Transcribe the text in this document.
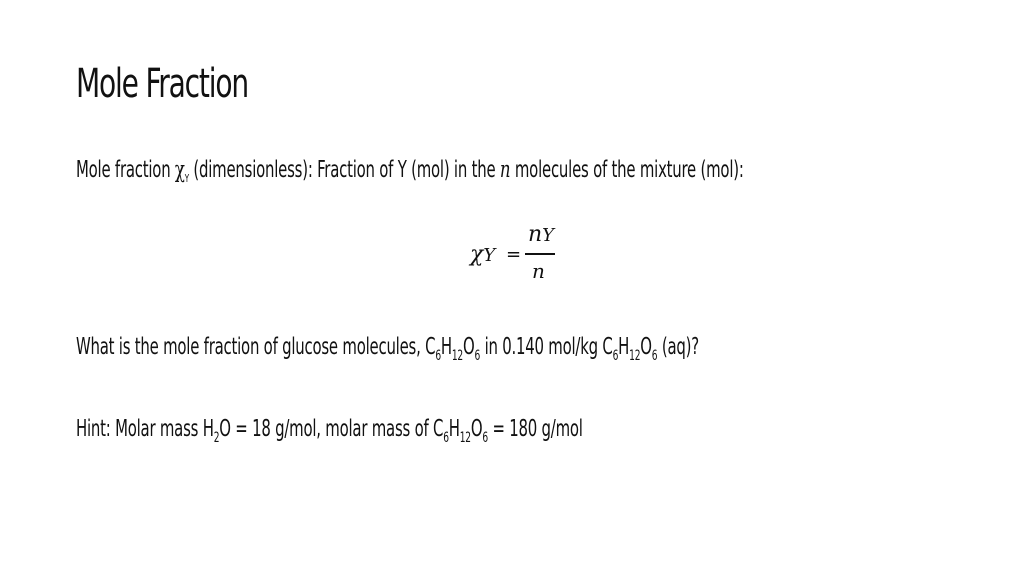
Mole Fraction
Mole fraction $\chi_Y$ (dimensionless): Fraction of Y (mol) in the n molecules of the mixture (mol):
χY =
nY
n
What is the mole fraction of glucose molecules, $C_6H_{12}O_6$ in 0.140 mol/kg $C_6H_{12}O_6$ (aq)?
Hint: Molar mass $H_2O = 18$ g/mol, molar mass of $C_6H_{12}O_6 = 180$ g/mol
